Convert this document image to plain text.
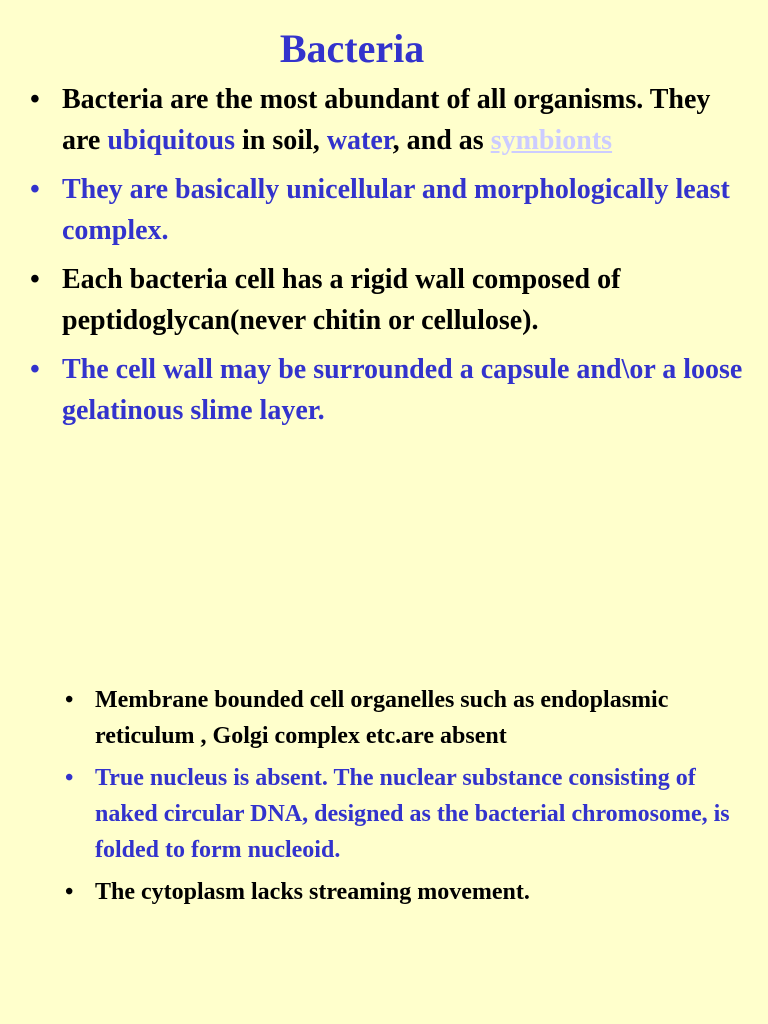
Bacteria
• Bacteria are the most abundant of all organisms. They are ubiquitous in soil, water, and as symbionts
• They are basically unicellular and morphologically least complex.
• Each bacteria cell has a rigid wall composed of peptidoglycan(never chitin or cellulose).
• The cell wall may be surrounded a capsule and\or a loose gelatinous slime layer.
• Membrane bounded cell organelles such as endoplasmic reticulum , Golgi complex etc.are absent
• True nucleus is absent. The nuclear substance consisting of naked circular DNA, designed as the bacterial chromosome, is folded to form nucleoid.
• The cytoplasm lacks streaming movement.
